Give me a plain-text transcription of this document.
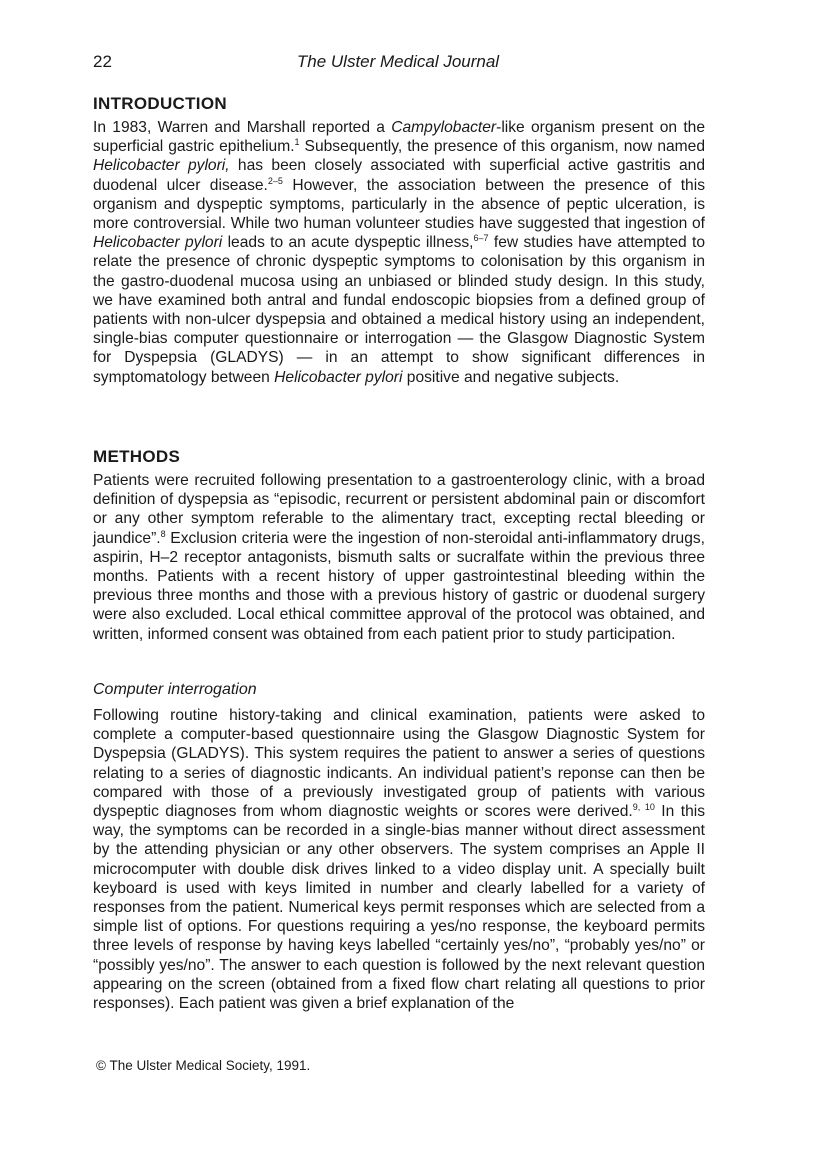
22	The Ulster Medical Journal
INTRODUCTION

In 1983, Warren and Marshall reported a Campylobacter-like organism present on the superficial gastric epithelium.$^1$ Subsequently, the presence of this organism, now named Helicobacter pylori, has been closely associated with superficial active gastritis and duodenal ulcer disease.$^{2-5}$ However, the association between the presence of this organism and dyspeptic symptoms, particularly in the absence of peptic ulceration, is more controversial. While two human volunteer studies have suggested that ingestion of Helicobacter pylori leads to an acute dyspeptic illness,$^{6-7}$ few studies have attempted to relate the presence of chronic dyspeptic symptoms to colonisation by this organism in the gastro-duodenal mucosa using an unbiased or blinded study design. In this study, we have examined both antral and fundal endoscopic biopsies from a defined group of patients with non-ulcer dyspepsia and obtained a medical history using an independent, single-bias computer questionnaire or interrogation — the Glasgow Diagnostic System for Dyspepsia (GLADYS) — in an attempt to show significant differences in symptomatology between Helicobacter pylori positive and negative subjects.

METHODS

Patients were recruited following presentation to a gastroenterology clinic, with a broad definition of dyspepsia as “episodic, recurrent or persistent abdominal pain or discomfort or any other symptom referable to the alimentary tract, excepting rectal bleeding or jaundice”.$^8$ Exclusion criteria were the ingestion of non-steroidal anti-inflammatory drugs, aspirin, H–2 receptor antagonists, bismuth salts or sucralfate within the previous three months. Patients with a recent history of upper gastrointestinal bleeding within the previous three months and those with a previous history of gastric or duodenal surgery were also excluded. Local ethical committee approval of the protocol was obtained, and written, informed consent was obtained from each patient prior to study participation.

Computer interrogation

Following routine history-taking and clinical examination, patients were asked to complete a computer-based questionnaire using the Glasgow Diagnostic System for Dyspepsia (GLADYS). This system requires the patient to answer a series of questions relating to a series of diagnostic indicants. An individual patient’s reponse can then be compared with those of a previously investigated group of patients with various dyspeptic diagnoses from whom diagnostic weights or scores were derived.$^{9, 10}$ In this way, the symptoms can be recorded in a single-bias manner without direct assessment by the attending physician or any other observers. The system comprises an Apple II microcomputer with double disk drives linked to a video display unit. A specially built keyboard is used with keys limited in number and clearly labelled for a variety of responses from the patient. Numerical keys permit responses which are selected from a simple list of options. For questions requiring a yes/no response, the keyboard permits three levels of response by having keys labelled “certainly yes/no”, “probably yes/no” or “possibly yes/no”. The answer to each question is followed by the next relevant question appearing on the screen (obtained from a fixed flow chart relating all questions to prior responses). Each patient was given a brief explanation of the

© The Ulster Medical Society, 1991.
